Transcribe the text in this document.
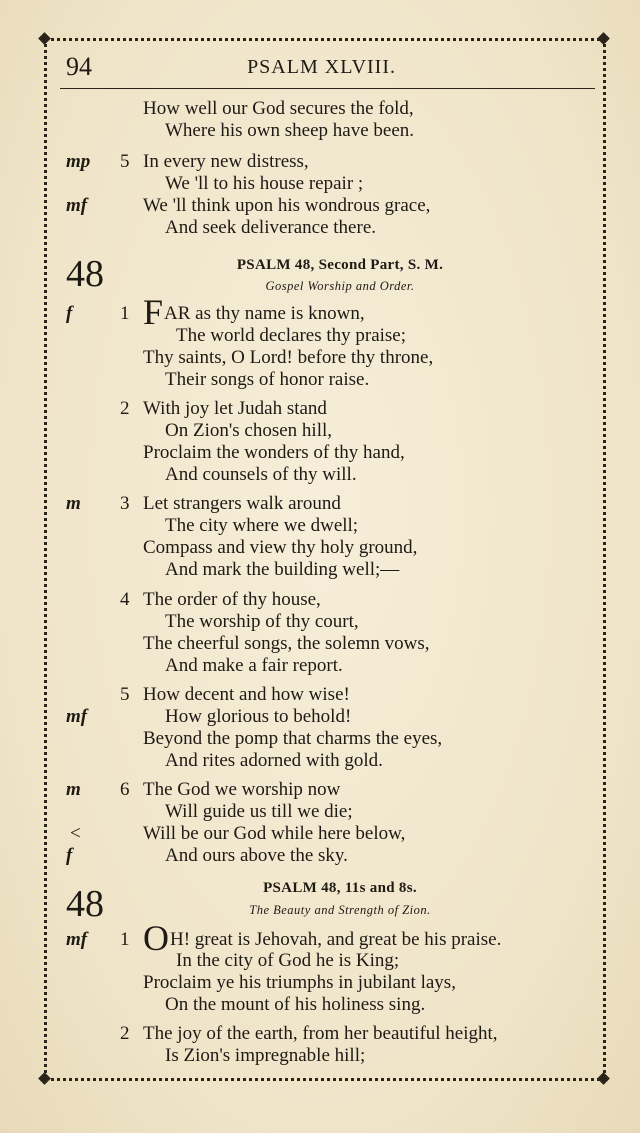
94	PSALM XLVIII.
How well our God secures the fold,
Where his own sheep have been.
mp 5 In every new distress,
We 'll to his house repair ;
mf	We 'll think upon his wondrous grace,
And seek deliverance there.
48	PSALM 48, Second Part, S. M.
Gospel Worship and Order.
f	1 FAR as thy name is known,
The world declares thy praise;
Thy saints, O Lord! before thy throne,
Their songs of honor raise.
2 With joy let Judah stand
On Zion's chosen hill,
Proclaim the wonders of thy hand,
And counsels of thy will.
m 3 Let strangers walk around
The city where we dwell;
Compass and view thy holy ground,
And mark the building well;—
4 The order of thy house,
The worship of thy court,
The cheerful songs, the solemn vows,
And make a fair report.
5 How decent and how wise!
mf	How glorious to behold!
Beyond the pomp that charms the eyes,
And rites adorned with gold.
m 6 The God we worship now
Will guide us till we die;
<	Will be our God while here below,
f	And ours above the sky.
48	PSALM 48, 11s and 8s.
The Beauty and Strength of Zion.
mf 1 OH! great is Jehovah, and great be his praise.
In the city of God he is King;
Proclaim ye his triumphs in jubilant lays,
On the mount of his holiness sing.
2 The joy of the earth, from her beautiful height,
Is Zion's impregnable hill;
